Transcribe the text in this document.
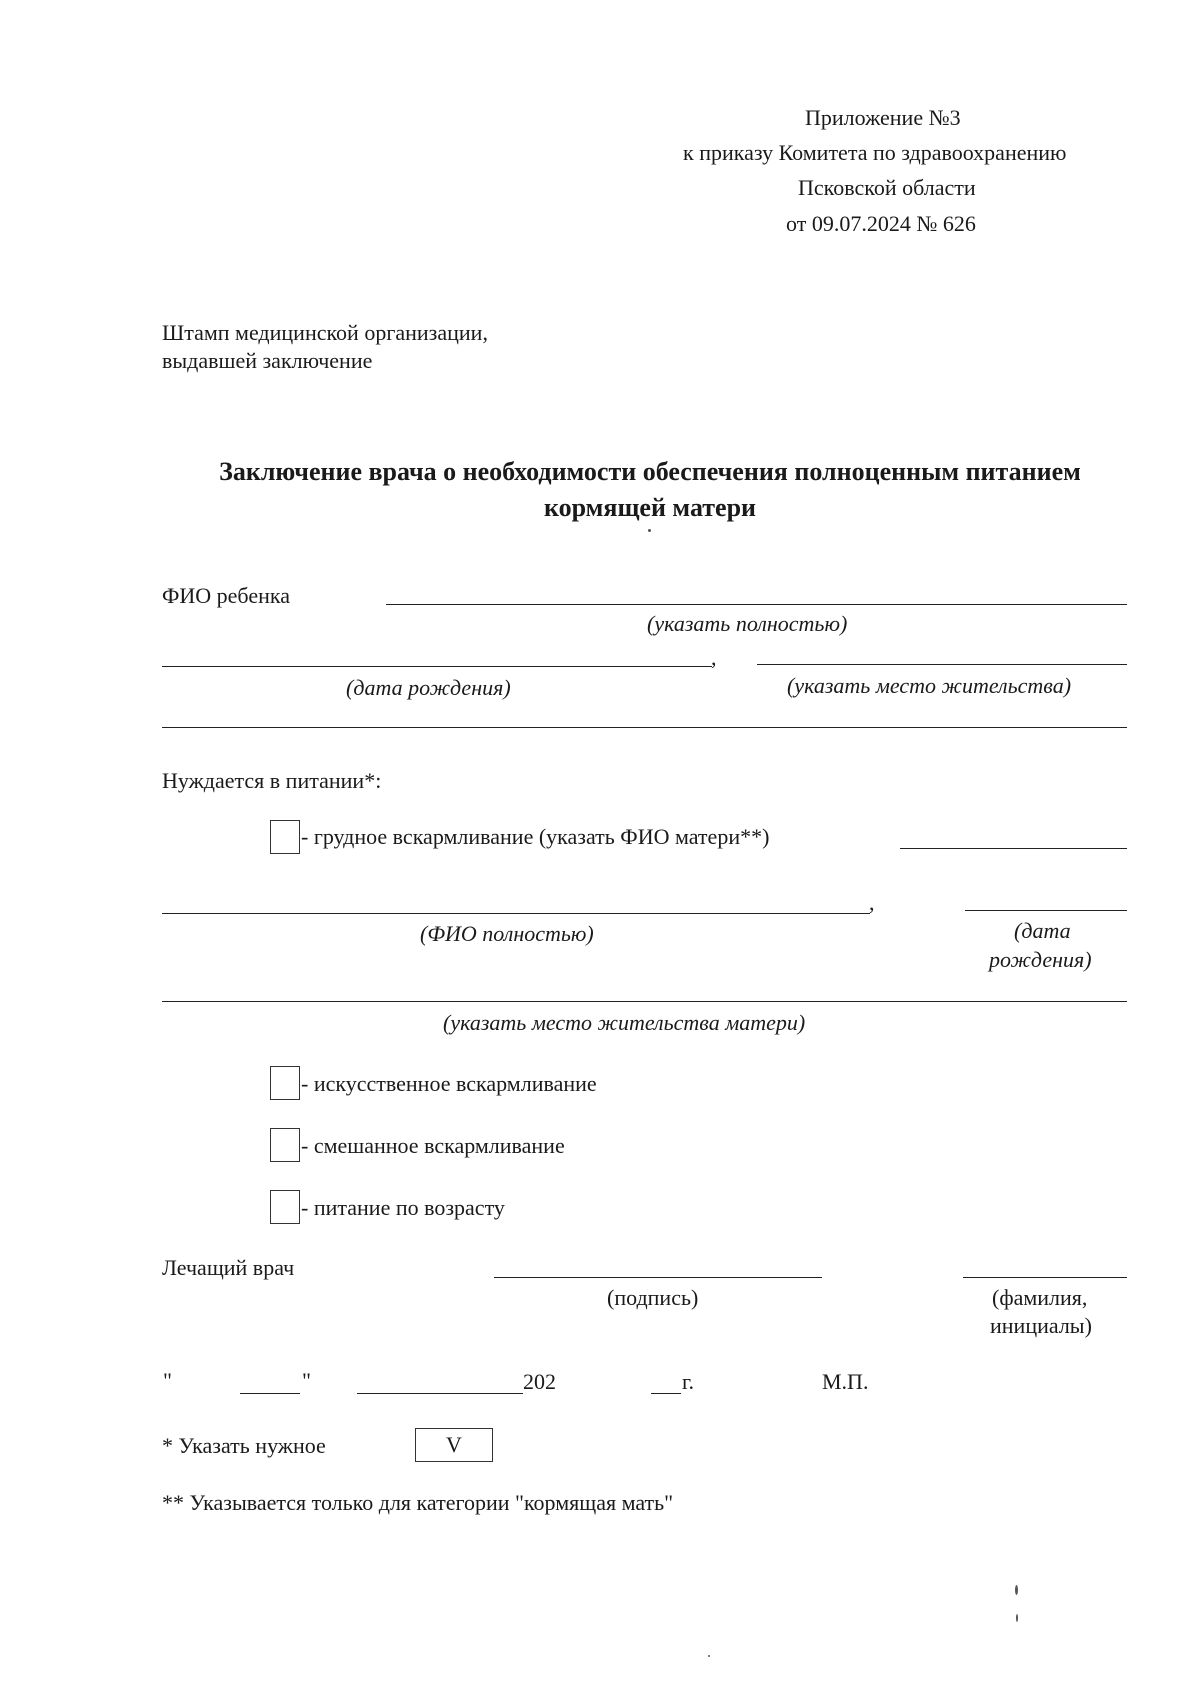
Приложение №3
к приказу Комитета по здравоохранению
Псковской области
от 09.07.2024 № 626
Штамп медицинской организации,
выдавшей заключение
Заключение врача о необходимости обеспечения полноценным питанием
кормящей матери
ФИО ребенка
(указать полностью)
,
(дата рождения)	(указать место жительства)
Нуждается в питании*:
- грудное вскармливание (указать ФИО матери**)
,
(ФИО полностью)	(дата
рождения)
(указать место жительства матери)
- искусственное вскармливание
- смешанное вскармливание
- питание по возрасту
Лечащий врач
(подпись)	(фамилия,
инициалы)
"	"	202	г.	М.П.
* Указать нужное	V
** Указывается только для категории "кормящая мать"
